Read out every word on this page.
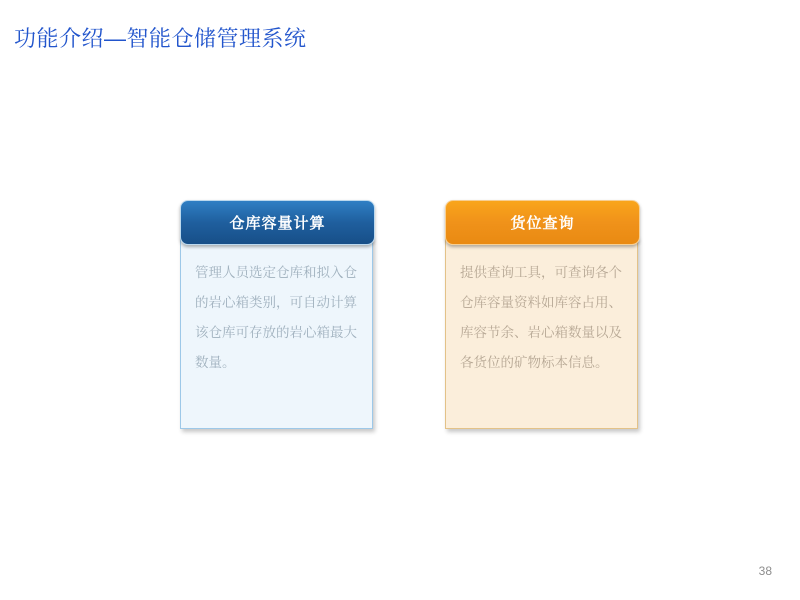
功能介绍—智能仓储管理系统
仓库容量计算

管理人员选定仓库和拟入仓的岩心箱类别，可自动计算该仓库可存放的岩心箱最大数量。

货位查询

提供查询工具，可查询各个仓库容量资料如库容占用、库容节余、岩心箱数量以及各货位的矿物标本信息。

38
